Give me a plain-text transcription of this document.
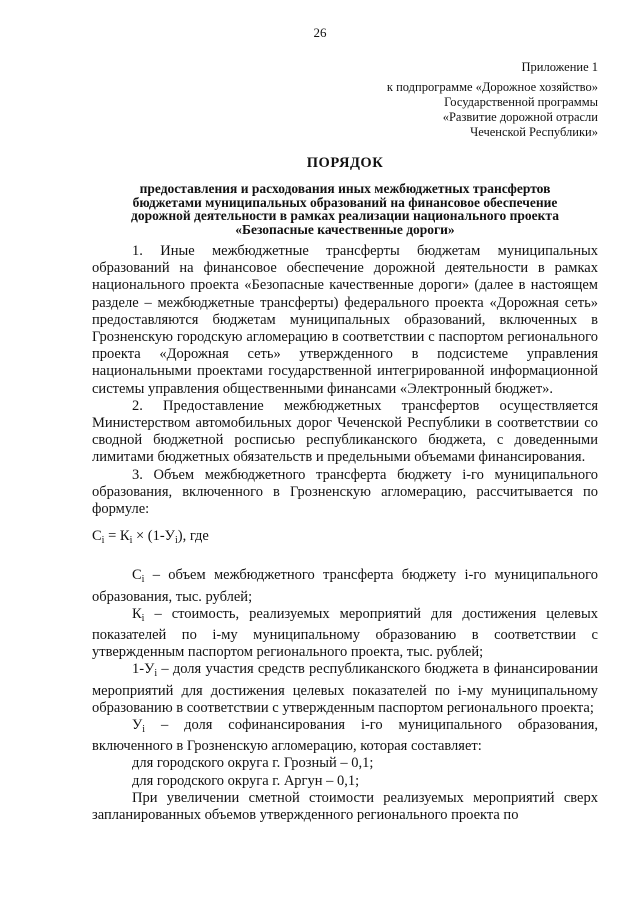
26
Приложение 1
к подпрограмме «Дорожное хозяйство»
Государственной программы
«Развитие дорожной отрасли
Чеченской Республики»
ПОРЯДОК
предоставления и расходования иных межбюджетных трансфертов
бюджетами муниципальных образований на финансовое обеспечение
дорожной деятельности в рамках реализации национального проекта
«Безопасные качественные дороги»

1. Иные межбюджетные трансферты бюджетам муниципальных образований на финансовое обеспечение дорожной деятельности в рамках национального проекта «Безопасные качественные дороги» (далее в настоящем разделе – межбюджетные трансферты) федерального проекта «Дорожная сеть» предоставляются бюджетам муниципальных образований, включенных в Грозненскую городскую агломерацию в соответствии с паспортом регионального проекта «Дорожная сеть» утвержденного в подсистеме управления национальными проектами государственной интегрированной информационной системы управления общественными финансами «Электронный бюджет».

2. Предоставление межбюджетных трансфертов осуществляется Министерством автомобильных дорог Чеченской Республики в соответствии со сводной бюджетной росписью республиканского бюджета, с доведенными лимитами бюджетных обязательств и предельными объемами финансирования.

3. Объем межбюджетного трансферта бюджету i-го муниципального образования, включенного в Грозненскую агломерацию, рассчитывается по формуле:

$С_i = К_i \times (1-У_i)$, где

$С_i$ – объем межбюджетного трансферта бюджету i-го муниципального образования, тыс. рублей;

$К_i$ – стоимость, реализуемых мероприятий для достижения целевых показателей по i-му муниципальному образованию в соответствии с утвержденным паспортом регионального проекта, тыс. рублей;

$1-У_i$ – доля участия средств республиканского бюджета в финансировании мероприятий для достижения целевых показателей по i-му муниципальному образованию в соответствии с утвержденным паспортом регионального проекта;

$У_i$ – доля софинансирования i-го муниципального образования, включенного в Грозненскую агломерацию, которая составляет:

для городского округа г. Грозный – 0,1;

для городского округа г. Аргун – 0,1;

При увеличении сметной стоимости реализуемых мероприятий сверх запланированных объемов утвержденного регионального проекта по
